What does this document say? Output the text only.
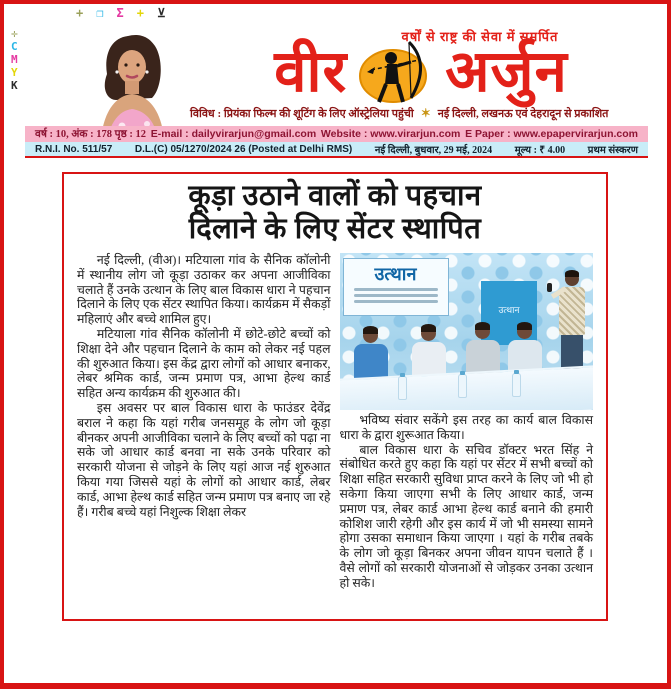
+ ❐ Σ + ⊻
✛
C
M
Y
K
वर्षों से राष्ट्र की सेवा में समर्पित
वीर अर्जुन
विविध : प्रियंका फिल्म की शूटिंग के लिए ऑस्ट्रेलिया पहुंची ✶ नई दिल्ली, लखनऊ एवं देहरादून से प्रकाशित
वर्ष : 10, अंक : 178 पृष्ठ : 12 E-mail : dailyvirarjun@gmail.com Website : www.virarjun.com E Paper : www.epapervirarjun.com
R.N.I. No. 511/57 D.L.(C) 05/1270/2024 26 (Posted at Delhi RMS) नई दिल्ली, बुधवार, 29 मई, 2024 मूल्य : ₹ 4.00 प्रथम संस्करण
कूड़ा उठाने वालों को पहचान
दिलाने के लिए सेंटर स्थापित

नई दिल्ली, (वीअ)। मटियाला गांव के सैनिक कॉलोनी में स्थानीय लोग जो कूड़ा उठाकर कर अपना आजीविका चलाते हैं उनके उत्थान के लिए बाल विकास धारा ने पहचान दिलाने के लिए एक सेंटर स्थापित किया। कार्यक्रम में सैकड़ों महिलाएं और बच्चे शामिल हुए।

मटियाला गांव सैनिक कॉलोनी में छोटे-छोटे बच्चों को शिक्षा देने और पहचान दिलाने के काम को लेकर नई पहल की शुरुआत किया। इस केंद्र द्वारा लोगों को आधार बनाकर, लेबर श्रमिक कार्ड, जन्म प्रमाण पत्र, आभा हेल्थ कार्ड सहित अन्य कार्यक्रम की शुरुआत की।

इस अवसर पर बाल विकास धारा के फाउंडर देवेंद्र बराल ने कहा कि यहां गरीब जनसमूह के लोग जो कूड़ा बीनकर अपनी आजीविका चलाने के लिए बच्चों को पढ़ा ना सके जो आधार कार्ड बनवा ना सके उनके परिवार को सरकारी योजना से जोड़ने के लिए यहां आज नई शुरुआत किया गया जिससे यहां के लोगों को आधार कार्ड, लेबर कार्ड, आभा हेल्थ कार्ड सहित जन्म प्रमाण पत्र बनाए जा रहे हैं। गरीब बच्चे यहां निशुल्क शिक्षा लेकर

उत्थान
उत्थान

भविष्य संवार सकेंगे इस तरह का कार्य बाल विकास धारा के द्वारा शुरूआत किया।

बाल विकास धारा के सचिव डॉक्टर भरत सिंह ने संबोधित करते हुए कहा कि यहां पर सेंटर में सभी बच्चों को शिक्षा सहित सरकारी सुविधा प्राप्त करने के लिए जो भी हो सकेगा किया जाएगा सभी के लिए आधार कार्ड, जन्म प्रमाण पत्र, लेबर कार्ड आभा हेल्थ कार्ड बनाने की हमारी कोशिश जारी रहेगी और इस कार्य में जो भी समस्या सामने होगा उसका समाधान किया जाएगा । यहां के गरीब तबके के लोग जो कूड़ा बिनकर अपना जीवन यापन चलाते हैं । वैसे लोगों को सरकारी योजनाओं से जोड़कर उनका उत्थान हो सके।
